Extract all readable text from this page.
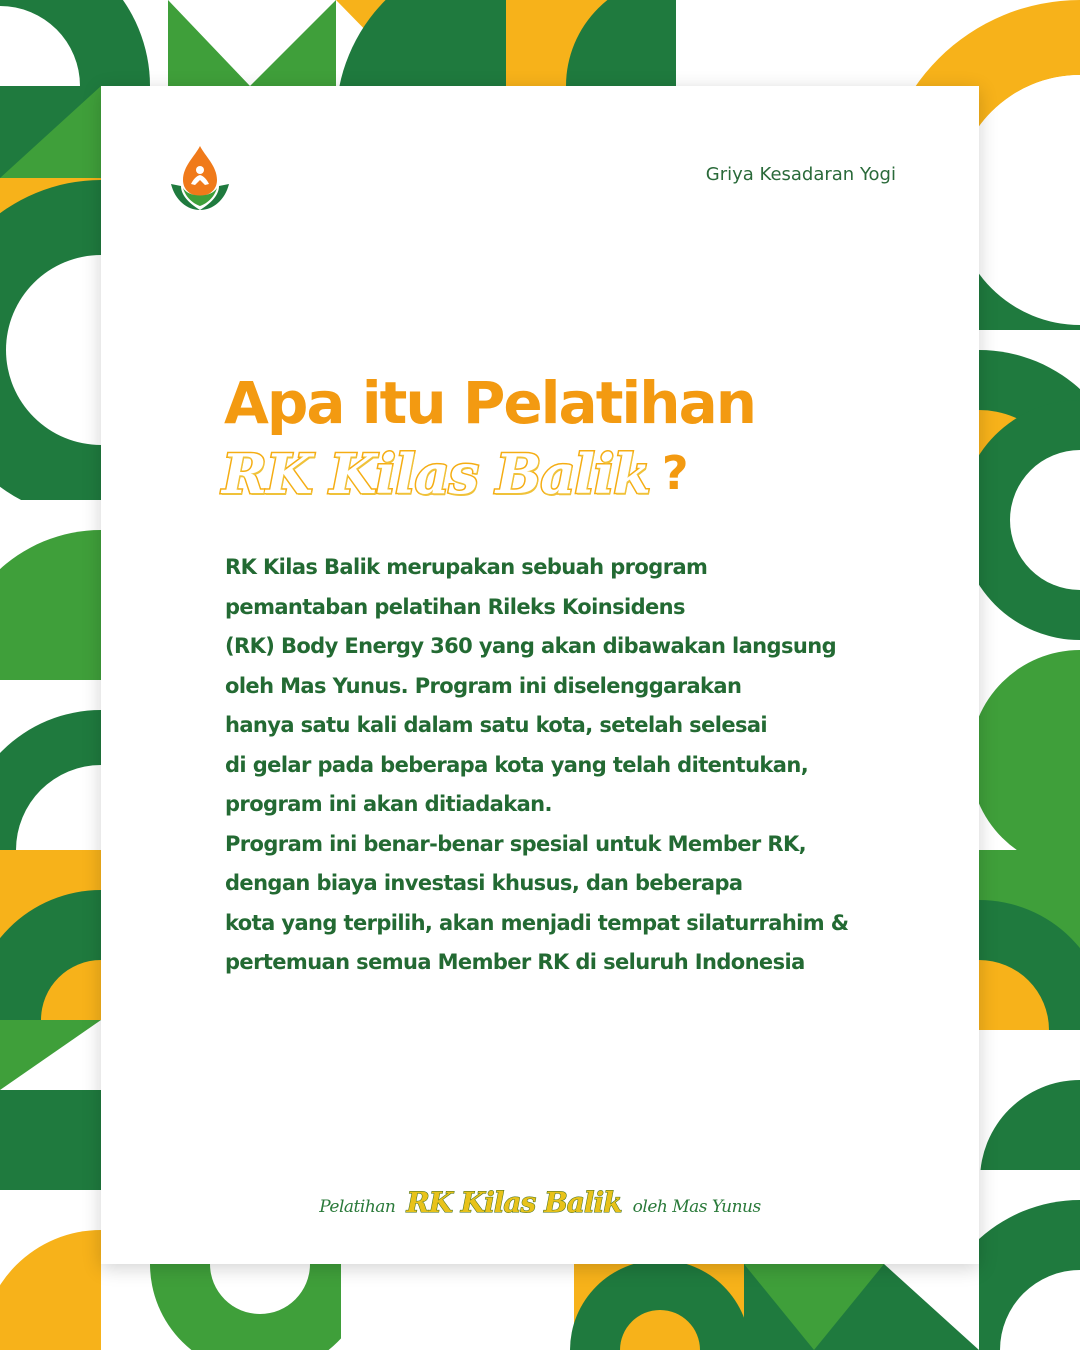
Griya Kesadaran Yogi
Apa itu Pelatihan
RK Kilas Balik ?
RK Kilas Balik merupakan sebuah program
pemantaban pelatihan Rileks Koinsidens
(RK) Body Energy 360 yang akan dibawakan langsung
oleh Mas Yunus. Program ini diselenggarakan
hanya satu kali dalam satu kota, setelah selesai
di gelar pada beberapa kota yang telah ditentukan,
program ini akan ditiadakan.
Program ini benar-benar spesial untuk Member RK,
dengan biaya investasi khusus, dan beberapa
kota yang terpilih, akan menjadi tempat silaturrahim &
pertemuan semua Member RK di seluruh Indonesia
Pelatihan RK Kilas Balik oleh Mas Yunus
